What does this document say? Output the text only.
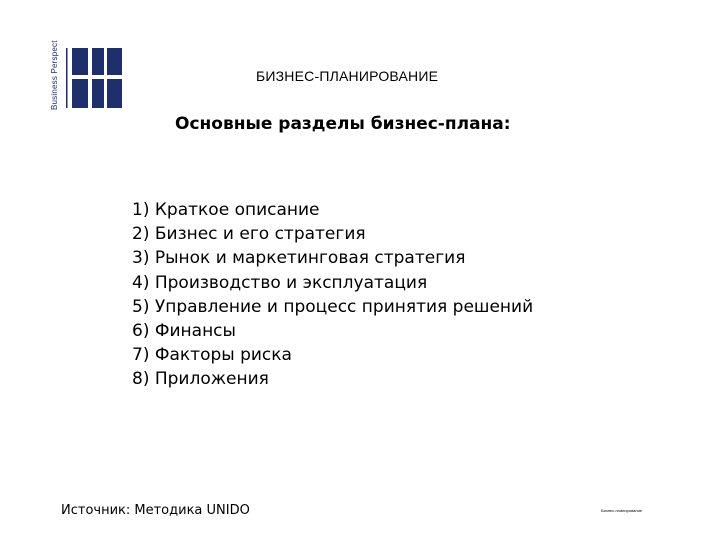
Business Perspect	БИЗНЕС-ПЛАНИРОВАНИЕ
Основные разделы бизнес-плана:
1) Краткое описание
2) Бизнес и его стратегия
3) Рынок и маркетинговая стратегия
4) Производство и эксплуатация
5) Управление и процесс принятия решений
6) Финансы
7) Факторы риска
8) Приложения
Источник: Методика UNIDO	Бизнес-планирование
